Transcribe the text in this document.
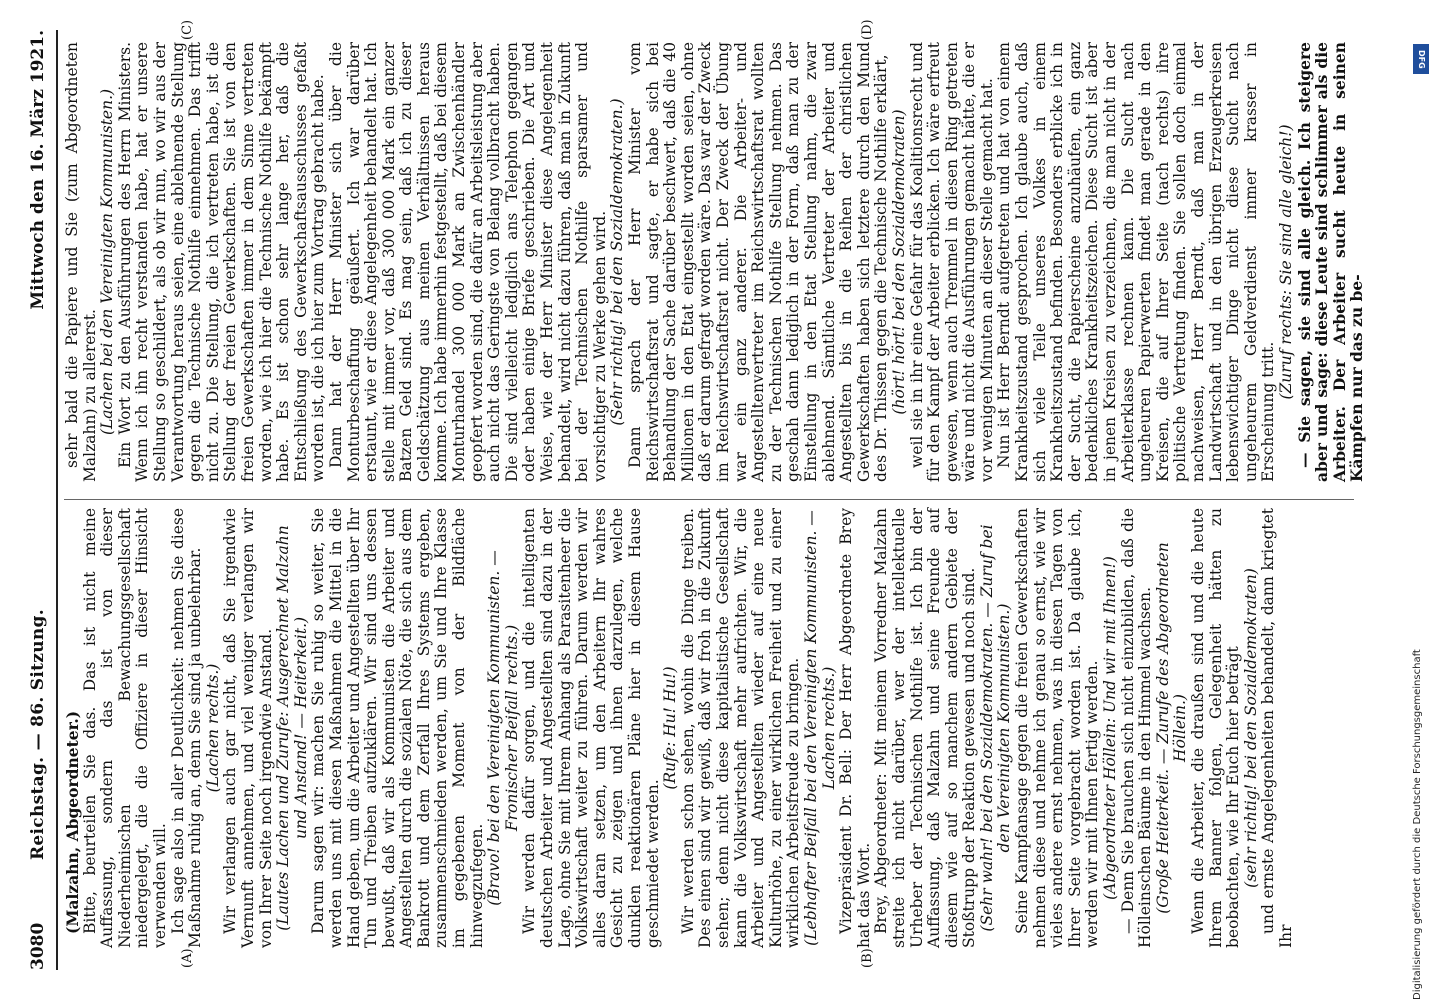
3080
Reichstag. — 86. Sitzung.
Mittwoch den 16. März 1921.
(A)	(B)
(C)	(D)

(Malzahn, Abgeordneter.)

Bitte, beurteilen Sie das. Das ist nicht meine Auffassung, sondern das ist von dieser Niederheimischen Bewachungsgesellschaft niedergelegt, die die Offiziere in dieser Hinsicht verwenden will. Ich sage also in aller Deutlichkeit: nehmen Sie diese Maßnahme ruhig an, denn Sie sind ja unbelehrbar. (Lachen rechts.) Wir verlangen auch gar nicht, daß Sie irgendwie Vernunft annehmen, und viel weniger verlangen wir von Ihrer Seite noch irgendwie Anstand. (Lautes Lachen und Zurufe: Ausgerechnet Malzahn und Anstand! — Heiterkeit.) Darum sagen wir: machen Sie ruhig so weiter, Sie werden uns mit diesen Maßnahmen die Mittel in die Hand geben, um die Arbeiter und Angestellten über Ihr Tun und Treiben aufzuklären. Wir sind uns dessen bewußt, daß wir als Kommunisten die Arbeiter und Angestellten durch die sozialen Nöte, die sich aus dem Bankrott und dem Zerfall Ihres Systems ergeben, zusammenschmieden werden, um Sie und Ihre Klasse im gegebenen Moment von der Bildfläche hinwegzufegen. (Bravo! bei den Vereinigten Kommunisten. — Fronischer Beifall rechts.) Wir werden dafür sorgen, und die intelligenten deutschen Arbeiter und Angestellten sind dazu in der Lage, ohne Sie mit Ihrem Anhang als Parasitenheer die Volkswirtschaft weiter zu führen. Darum werden wir alles daran setzen, um den Arbeitern Ihr wahres Gesicht zu zeigen und ihnen darzulegen, welche dunklen reaktionären Pläne hier in diesem Hause geschmiedet werden.

(Rufe: Hu! Hu!) Wir werden schon sehen, wohin die Dinge treiben. Des einen sind wir gewiß, daß wir froh in die Zukunft sehen; denn nicht diese kapitalistische Gesellschaft kann die Volkswirtschaft mehr aufrichten. Wir, die Arbeiter und Angestellten wieder auf eine neue Kulturhöhe, zu einer wirklichen Freiheit und zu einer wirklichen Arbeitsfreude zu bringen. (Lebhafter Beifall bei den Vereinigten Kommunisten. — Lachen rechts.) Vizepräsident Dr. Bell: Der Herr Abgeordnete Brey hat das Wort. Brey, Abgeordneter: Mit meinem Vorredner Malzahn streite ich nicht darüber, wer der intellektuelle Urheber der Technischen Nothilfe ist. Ich bin der Auffassung, daß Malzahn und seine Freunde auf diesem wie auf so manchem andern Gebiete der Stoßtrupp der Reaktion gewesen und noch sind. (Sehr wahr! bei den Sozialdemokraten. — Zuruf bei den Vereinigten Kommunisten.) Seine Kampfansage gegen die freien Gewerkschaften nehmen diese und nehme ich genau so ernst, wie wir vieles andere ernst nehmen, was in diesen Tagen von Ihrer Seite vorgebracht worden ist. Da glaube ich, werden wir mit Ihnen fertig werden. (Abgeordneter Höllein: Und wir mit Ihnen!) — Denn Sie brauchen sich nicht einzubilden, daß die Hölleinschen Bäume in den Himmel wachsen. (Große Heiterkeit. — Zurufe des Abgeordneten Höllein.) Wenn die Arbeiter, die draußen sind und die heute Ihrem Banner folgen, Gelegenheit hätten zu beobachten, wie Ihr Euch hier beträgt (sehr richtig! bei den Sozialdemokraten) und ernste Angelegenheiten behandelt, dann kriegtet Ihr

sehr bald die Papiere und Sie (zum Abgeordneten Malzahn) zu allererst. (Lachen bei den Vereinigten Kommunisten.) Ein Wort zu den Ausführungen des Herrn Ministers. Wenn ich ihn recht verstanden habe, hat er unsere Stellung so geschildert, als ob wir nun, wo wir aus der Verantwortung heraus seien, eine ablehnende Stellung gegen die Technische Nothilfe einnehmen. Das trifft nicht zu. Die Stellung, die ich vertreten habe, ist die Stellung der freien Gewerkschaften. Sie ist von den freien Gewerkschaften immer in dem Sinne vertreten worden, wie ich hier die Technische Nothilfe bekämpft habe. Es ist schon sehr lange her, daß die Entschließung des Gewerkschaftsausschusses gefaßt worden ist, die ich hier zum Vortrag gebracht habe. Dann hat der Herr Minister sich über die Monturbeschaffung geäußert. Ich war darüber erstaunt, wie er diese Angelegenheit behandelt hat. Ich stelle mit immer vor, daß 300 000 Mark ein ganzer Batzen Geld sind. Es mag sein, daß ich zu dieser Geldschätzung aus meinen Verhältnissen heraus komme. Ich habe immerhin festgestellt, daß bei diesem Monturhandel 300 000 Mark an Zwischenhändler geopfert worden sind, die dafür an Arbeitsleistung aber auch nicht das Geringste von Belang vollbracht haben. Die sind vielleicht lediglich ans Telephon gegangen oder haben einige Briefe geschrieben. Die Art und Weise, wie der Herr Minister diese Angelegenheit behandelt, wird nicht dazu führen, daß man in Zukunft bei der Technischen Nothilfe sparsamer und vorsichtiger zu Werke gehen wird. (Sehr richtig! bei den Sozialdemokraten.) Dann sprach der Herr Minister vom Reichswirtschaftsrat und sagte, er habe sich bei Behandlung der Sache darüber beschwert, daß die 40 Millionen in den Etat eingestellt worden seien, ohne daß er darum gefragt worden wäre. Das war der Zweck im Reichswirtschaftsrat nicht. Der Zweck der Übung war ein ganz anderer. Die Arbeiter- und Angestelltenvertreter im Reichswirtschaftsrat wollten zu der Technischen Nothilfe Stellung nehmen. Das geschah dann lediglich in der Form, daß man zu der Einstellung in den Etat Stellung nahm, die zwar ablehnend. Sämtliche Vertreter der Arbeiter und Angestellten bis in die Reihen der christlichen Gewerkschaften haben sich letztere durch den Mund des Dr. Thissen gegen die Technische Nothilfe erklärt, (hört! hört! bei den Sozialdemokraten) weil sie in ihr eine Gefahr für das Koalitionsrecht und für den Kampf der Arbeiter erblicken. Ich wäre erfreut gewesen, wenn auch Tremmel in diesen Ring getreten wäre und nicht die Ausführungen gemacht hätte, die er vor wenigen Minuten an dieser Stelle gemacht hat. Nun ist Herr Berndt aufgetreten und hat von einem Krankheitszustand gesprochen. Ich glaube auch, daß sich viele Teile unseres Volkes in einem Krankheitszustand befinden. Besonders erblicke ich in der Sucht, die Papierscheine anzuhäufen, ein ganz bedenkliches Krankheitszeichen. Diese Sucht ist aber in jenen Kreisen zu verzeichnen, die man nicht in der Arbeiterklasse rechnen kann. Die Sucht nach ungeheuren Papierwerten findet man gerade in den Kreisen, die auf Ihrer Seite (nach rechts) ihre politische Vertretung finden. Sie sollen doch einmal nachweisen, Herr Berndt, daß man in der Landwirtschaft und in den übrigen Erzeugerkreisen lebenswichtiger Dinge nicht diese Sucht nach ungeheurem Geldverdienst immer krasser in Erscheinung tritt.

(Zuruf rechts: Sie sind alle gleich!) — Sie sagen, sie sind alle gleich. Ich steigere aber und sage: diese Leute sind schlimmer als die Arbeiter. Der Arbeiter sucht heute in seinen Kämpfen nur das zu be-

DFG
Digitalisierung gefördert durch die Deutsche Forschungsgemeinschaft
